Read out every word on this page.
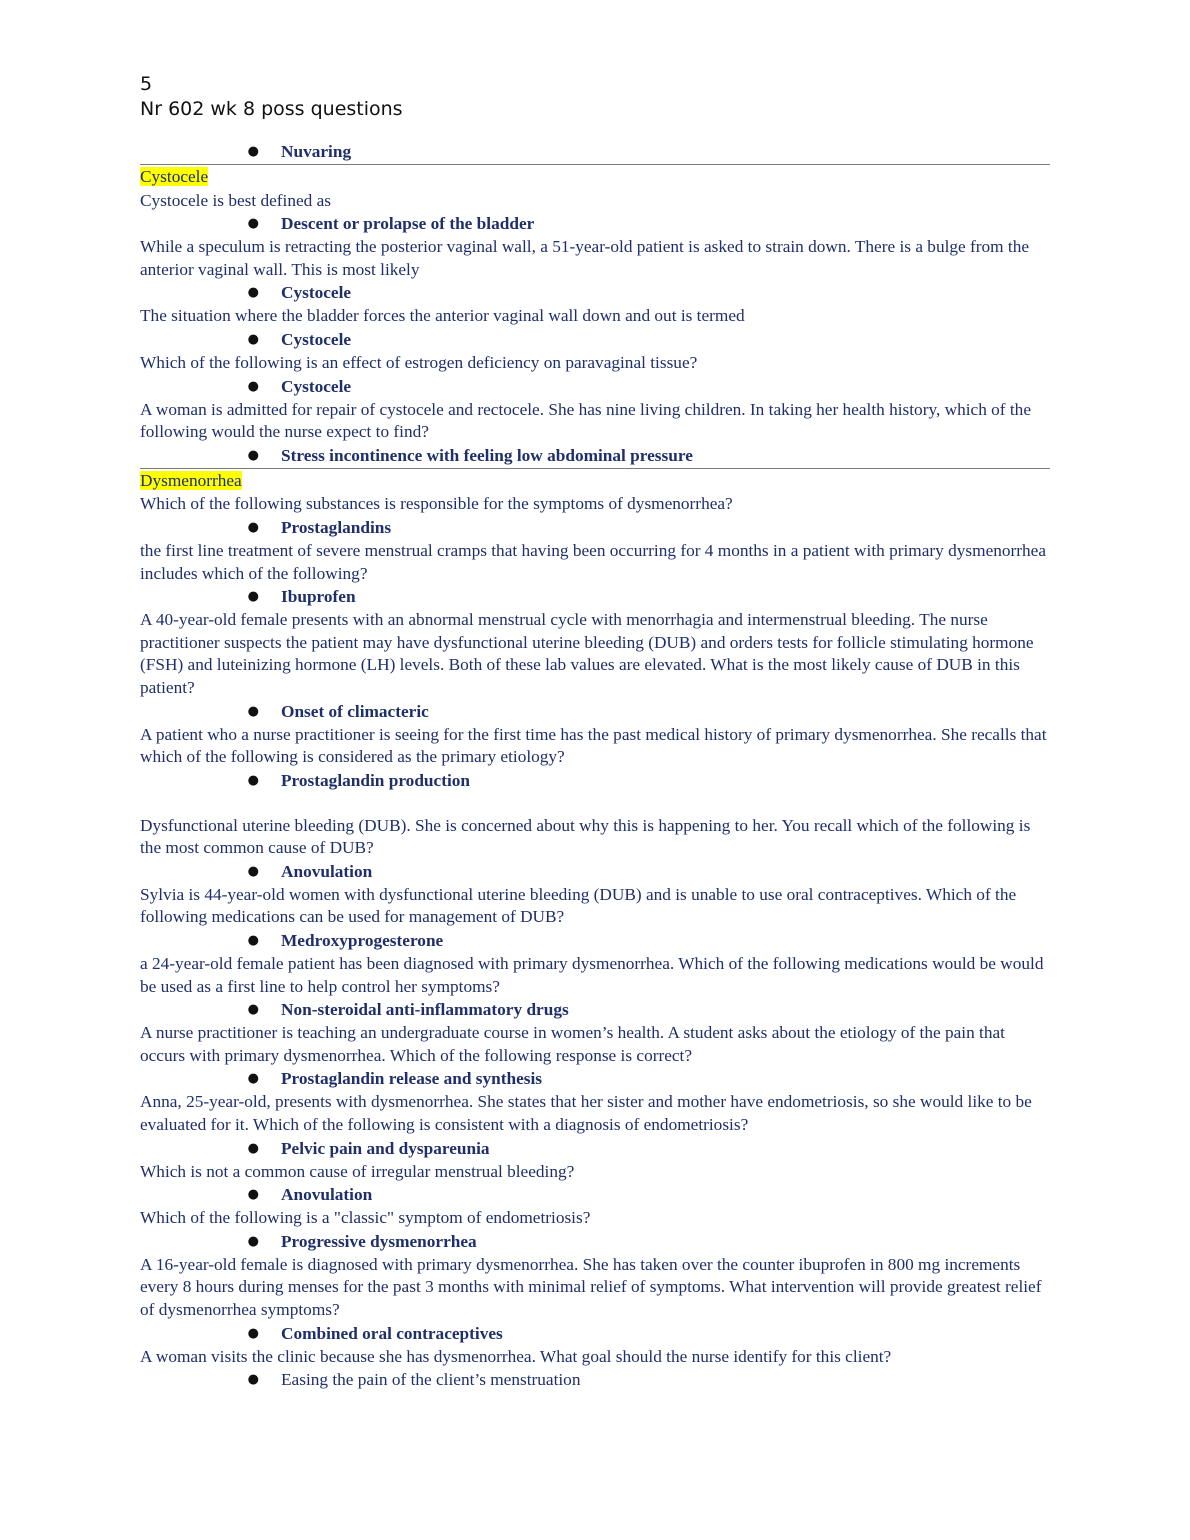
5
Nr 602 wk 8 poss questions
●	Nuvaring
Cystocele
Cystocele is best defined as
●	Descent or prolapse of the bladder
While a speculum is retracting the posterior vaginal wall, a 51-year-old patient is asked to strain down. There is a bulge from the anterior vaginal wall. This is most likely
●	Cystocele
The situation where the bladder forces the anterior vaginal wall down and out is termed
●	Cystocele
Which of the following is an effect of estrogen deficiency on paravaginal tissue?
●	Cystocele
A woman is admitted for repair of cystocele and rectocele. She has nine living children. In taking her health history, which of the following would the nurse expect to find?
●	Stress incontinence with feeling low abdominal pressure
Dysmenorrhea
Which of the following substances is responsible for the symptoms of dysmenorrhea?
●	Prostaglandins
the first line treatment of severe menstrual cramps that having been occurring for 4 months in a patient with primary dysmenorrhea includes which of the following?
●	Ibuprofen
A 40-year-old female presents with an abnormal menstrual cycle with menorrhagia and intermenstrual bleeding. The nurse practitioner suspects the patient may have dysfunctional uterine bleeding (DUB) and orders tests for follicle stimulating hormone (FSH) and luteinizing hormone (LH) levels. Both of these lab values are elevated. What is the most likely cause of DUB in this patient?
●	Onset of climacteric
A patient who a nurse practitioner is seeing for the first time has the past medical history of primary dysmenorrhea. She recalls that which of the following is considered as the primary etiology?
●	Prostaglandin production
Dysfunctional uterine bleeding (DUB). She is concerned about why this is happening to her. You recall which of the following is the most common cause of DUB?
●	Anovulation
Sylvia is 44-year-old women with dysfunctional uterine bleeding (DUB) and is unable to use oral contraceptives. Which of the following medications can be used for management of DUB?
●	Medroxyprogesterone
a 24-year-old female patient has been diagnosed with primary dysmenorrhea. Which of the following medications would be would be used as a first line to help control her symptoms?
●	Non-steroidal anti-inflammatory drugs
A nurse practitioner is teaching an undergraduate course in women’s health. A student asks about the etiology of the pain that occurs with primary dysmenorrhea. Which of the following response is correct?
●	Prostaglandin release and synthesis
Anna, 25-year-old, presents with dysmenorrhea. She states that her sister and mother have endometriosis, so she would like to be evaluated for it. Which of the following is consistent with a diagnosis of endometriosis?
●	Pelvic pain and dyspareunia
Which is not a common cause of irregular menstrual bleeding?
●	Anovulation
Which of the following is a "classic" symptom of endometriosis?
●	Progressive dysmenorrhea
A 16-year-old female is diagnosed with primary dysmenorrhea. She has taken over the counter ibuprofen in 800 mg increments every 8 hours during menses for the past 3 months with minimal relief of symptoms. What intervention will provide greatest relief of dysmenorrhea symptoms?
●	Combined oral contraceptives
A woman visits the clinic because she has dysmenorrhea. What goal should the nurse identify for this client?
●	Easing the pain of the client’s menstruation
